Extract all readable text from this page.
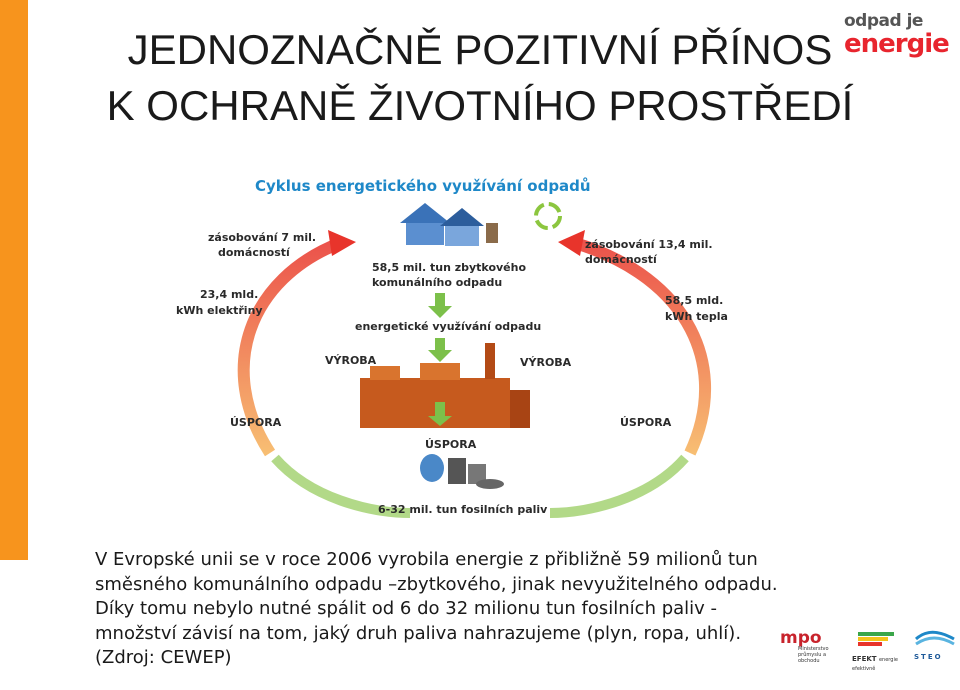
JEDNOZNAČNĚ POZITIVNÍ PŘÍNOS
K OCHRANĚ ŽIVOTNÍHO PROSTŘEDÍ
odpad je
energie
Cyklus energetického využívání odpadů
58,5 mil. tun zbytkového
komunálního odpadu
energetické využívání odpadu
zásobování 7 mil.
domácností
23,4 mld.
kWh elektřiny
zásobování 13,4 mil.
domácností
58,5 mld.
kWh tepla
VÝROBA	VÝROBA
ÚSPORA	ÚSPORA
ÚSPORA
6-32 mil. tun fosilních paliv
V Evropské unii se v roce 2006 vyrobila energie z přibližně 59 milionů tun
směsného komunálního odpadu –zbytkového, jinak nevyužitelného odpadu.
Díky tomu nebylo nutné spálit od 6 do 32 milionu tun fosilních paliv -
množství závisí na tom, jaký druh paliva nahrazujeme (plyn, ropa, uhlí).
(Zdroj: CEWEP)
mpo
Ministerstvo průmyslu a obchodu	EFEKT energie efektivně
STEO
